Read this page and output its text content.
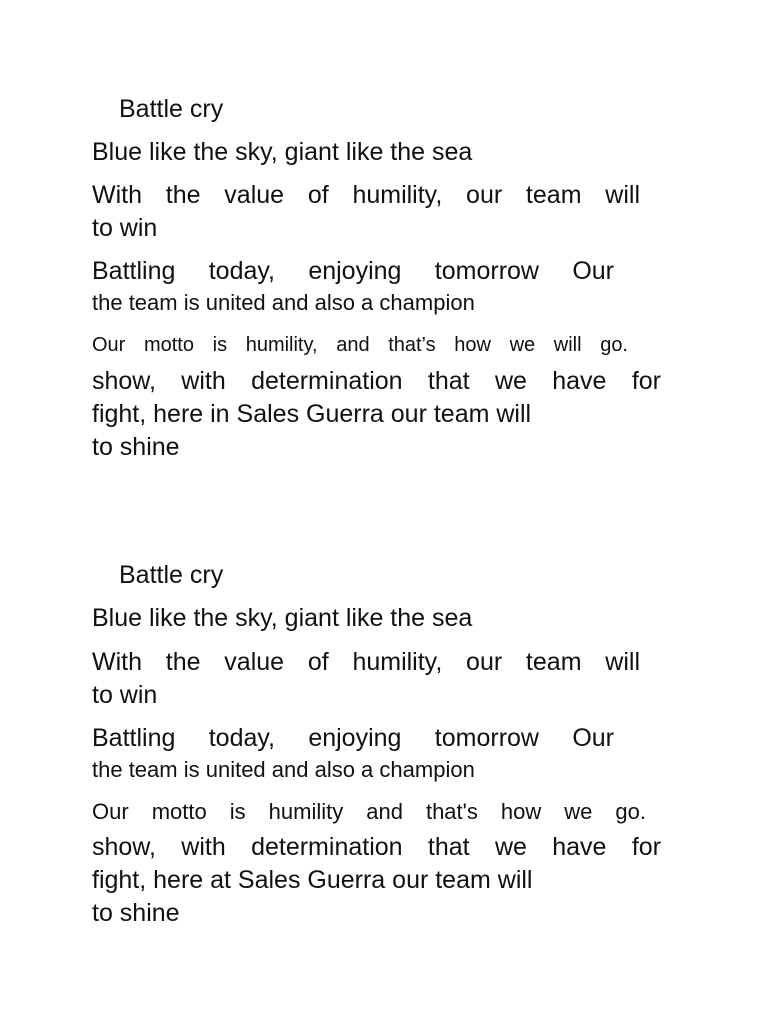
Battle cry

Blue like the sky, giant like the sea

With the value of humility, our team will

to win

Battling today, enjoying tomorrow Our

the team is united and also a champion

Our motto is humility, and that’s how we will go.

show, with determination that we have for

fight, here in Sales Guerra our team will

to shine

Battle cry

Blue like the sky, giant like the sea

With the value of humility, our team will

to win

Battling today, enjoying tomorrow Our

the team is united and also a champion

Our motto is humility and that's how we go.

show, with determination that we have for

fight, here at Sales Guerra our team will

to shine
